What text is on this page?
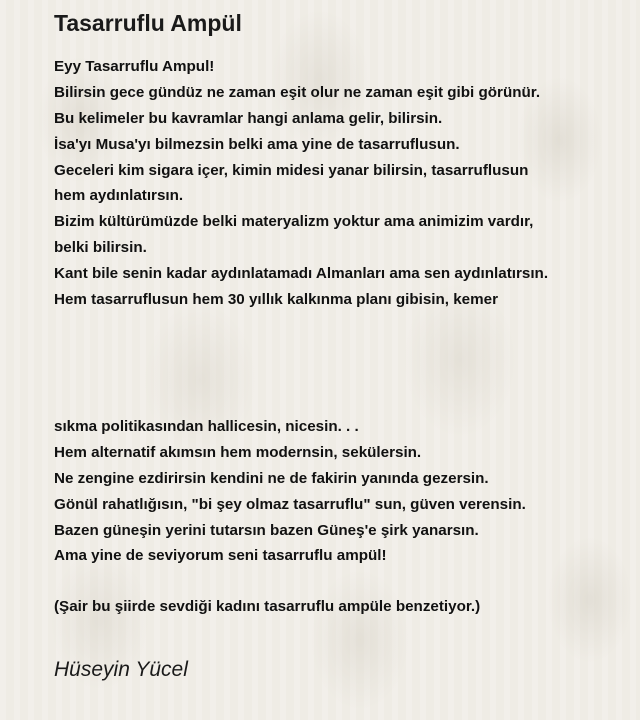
Tasarruflu Ampül
Eyy Tasarruflu Ampul!
Bilirsin gece gündüz ne zaman eşit olur ne zaman eşit gibi görünür.
Bu kelimeler bu kavramlar hangi anlama gelir, bilirsin.
İsa'yı Musa'yı bilmezsin belki ama yine de tasarruflusun.
Geceleri kim sigara içer, kimin midesi yanar bilirsin, tasarruflusun
hem aydınlatırsın.
Bizim kültürümüzde belki materyalizm yoktur ama animizim vardır,
belki bilirsin.
Kant bile senin kadar aydınlatamadı Almanları ama sen aydınlatırsın.
Hem tasarruflusun hem 30 yıllık kalkınma planı gibisin, kemer
sıkma politikasından hallicesin, nicesin. . .
Hem alternatif akımsın hem modernsin, sekülersin.
Ne zengine ezdirirsin kendini ne de fakirin yanında gezersin.
Gönül rahatlığısın, "bi şey olmaz tasarruflu" sun, güven verensin.
Bazen güneşin yerini tutarsın bazen Güneş'e şirk yanarsın.
Ama yine de seviyorum seni tasarruflu ampül!
(Şair bu şiirde sevdiği kadını tasarruflu ampüle benzetiyor.)
Hüseyin Yücel
